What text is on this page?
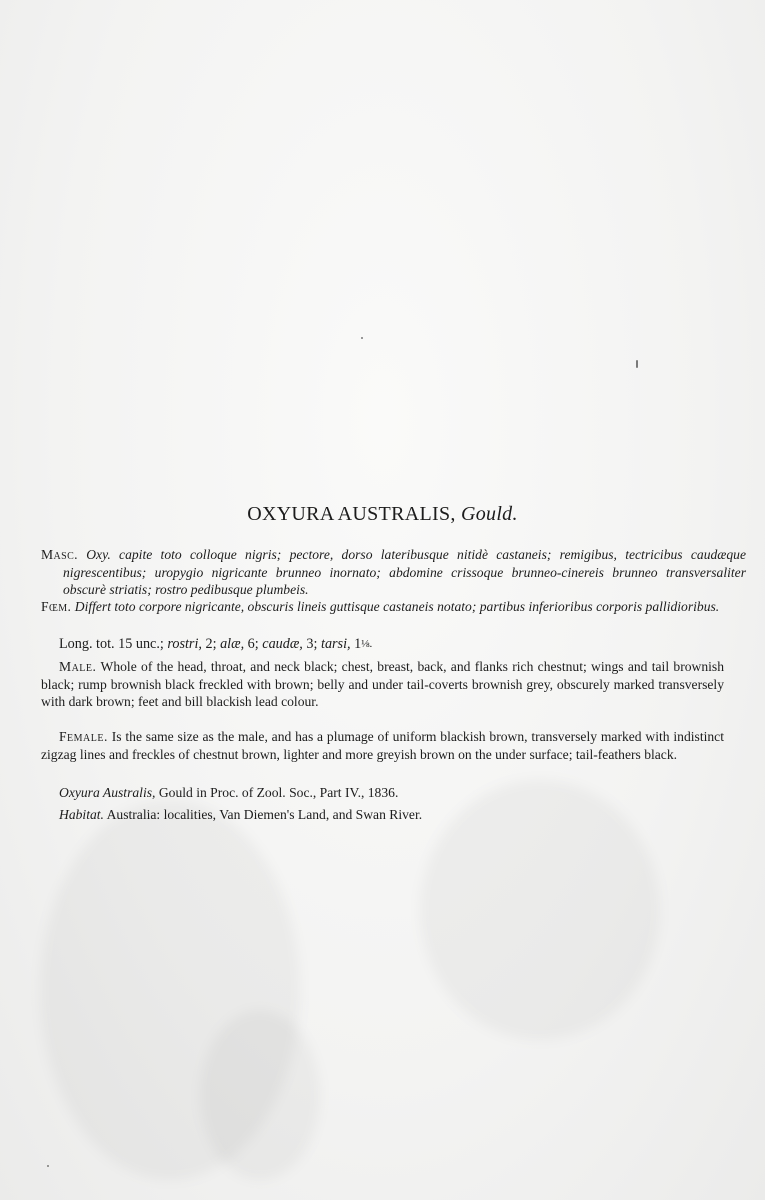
OXYURA AUSTRALIS, Gould.
Masc. Oxy. capite toto colloque nigris; pectore, dorso lateribusque nitidè castaneis; remigibus, tectricibus caudæque nigrescentibus; uropygio nigricante brunneo inornato; abdomine crissoque brunneo-cinereis brunneo transversaliter obscurè striatis; rostro pedibusque plumbeis.
Fœm. Differt toto corpore nigricante, obscuris lineis guttisque castaneis notato; partibus inferioribus corporis pallidioribus.
Long. tot. 15 unc.; rostri, 2; alæ, 6; caudæ, 3; tarsi, 1⅛.
Male. Whole of the head, throat, and neck black; chest, breast, back, and flanks rich chestnut; wings and tail brownish black; rump brownish black freckled with brown; belly and under tail-coverts brownish grey, obscurely marked transversely with dark brown; feet and bill blackish lead colour.
Female. Is the same size as the male, and has a plumage of uniform blackish brown, transversely marked with indistinct zigzag lines and freckles of chestnut brown, lighter and more greyish brown on the under surface; tail-feathers black.
Oxyura Australis, Gould in Proc. of Zool. Soc., Part IV., 1836.
Habitat. Australia: localities, Van Diemen's Land, and Swan River.
